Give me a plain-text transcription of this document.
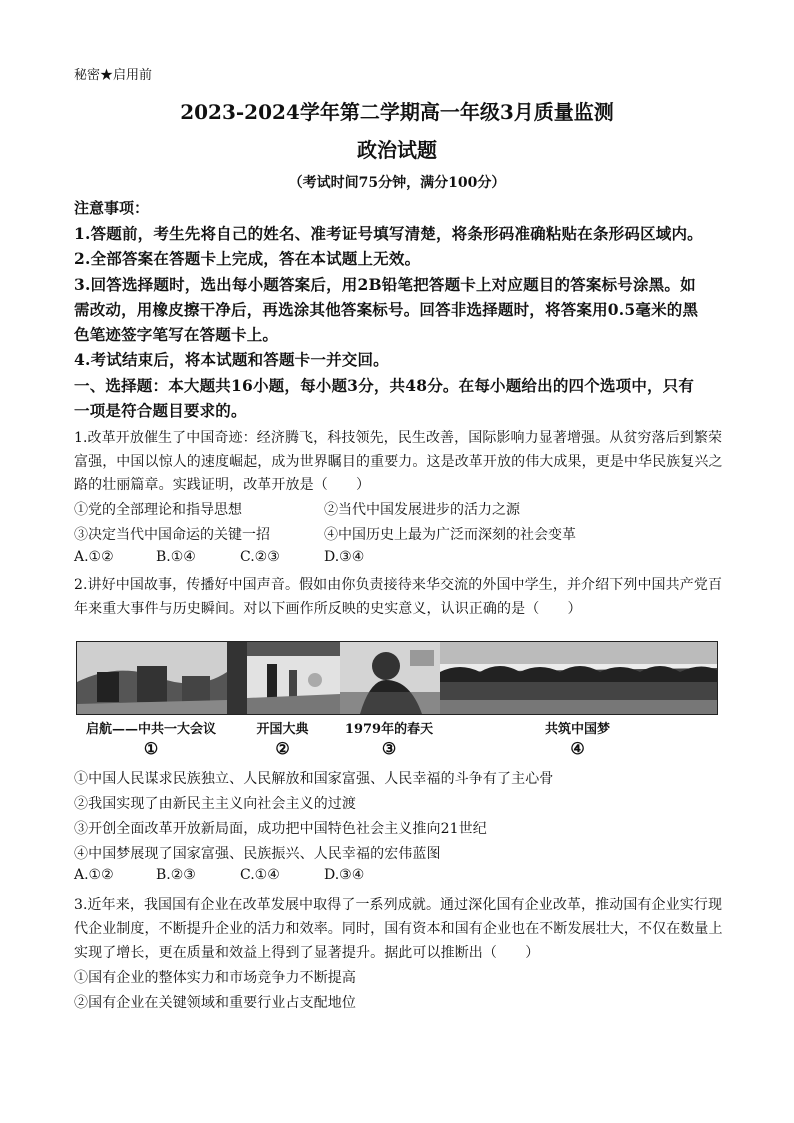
秘密★启用前
2023-2024学年第二学期高一年级3月质量监测
政治试题
（考试时间75分钟，满分100分）
注意事项：
1.答题前，考生先将自己的姓名、准考证号填写清楚，将条形码准确粘贴在条形码区域内。
2.全部答案在答题卡上完成，答在本试题上无效。
3.回答选择题时，选出每小题答案后，用2B铅笔把答题卡上对应题目的答案标号涂黑。如
需改动，用橡皮擦干净后，再选涂其他答案标号。回答非选择题时，将答案用0.5毫米的黑
色笔迹签字笔写在答题卡上。
4.考试结束后，将本试题和答题卡一并交回。
一、选择题：本大题共16小题，每小题3分，共48分。在每小题给出的四个选项中，只有
一项是符合题目要求的。
1.改革开放催生了中国奇迹：经济腾飞，科技领先，民生改善，国际影响力显著增强。从贫穷落后到繁荣
富强，中国以惊人的速度崛起，成为世界瞩目的重要力。这是改革开放的伟大成果，更是中华民族复兴之
路的壮丽篇章。实践证明，改革开放是（　　）
①党的全部理论和指导思想	②当代中国发展进步的活力之源
③决定当代中国命运的关键一招	④中国历史上最为广泛而深刻的社会变革
A.①②	B.①④	C.②③	D.③④
2.讲好中国故事，传播好中国声音。假如由你负责接待来华交流的外国中学生，并介绍下列中国共产党百
年来重大事件与历史瞬间。对以下画作所反映的史实意义，认识正确的是（　　）
启航——中共一大会议
①
开国大典
②
1979年的春天
③
共筑中国梦
④
①中国人民谋求民族独立、人民解放和国家富强、人民幸福的斗争有了主心骨
②我国实现了由新民主主义向社会主义的过渡
③开创全面改革开放新局面，成功把中国特色社会主义推向21世纪
④中国梦展现了国家富强、民族振兴、人民幸福的宏伟蓝图
A.①②	B.②③	C.①④	D.③④
3.近年来，我国国有企业在改革发展中取得了一系列成就。通过深化国有企业改革，推动国有企业实行现
代企业制度，不断提升企业的活力和效率。同时，国有资本和国有企业也在不断发展壮大，不仅在数量上
实现了增长，更在质量和效益上得到了显著提升。据此可以推断出（　　）
①国有企业的整体实力和市场竞争力不断提高
②国有企业在关键领域和重要行业占支配地位
